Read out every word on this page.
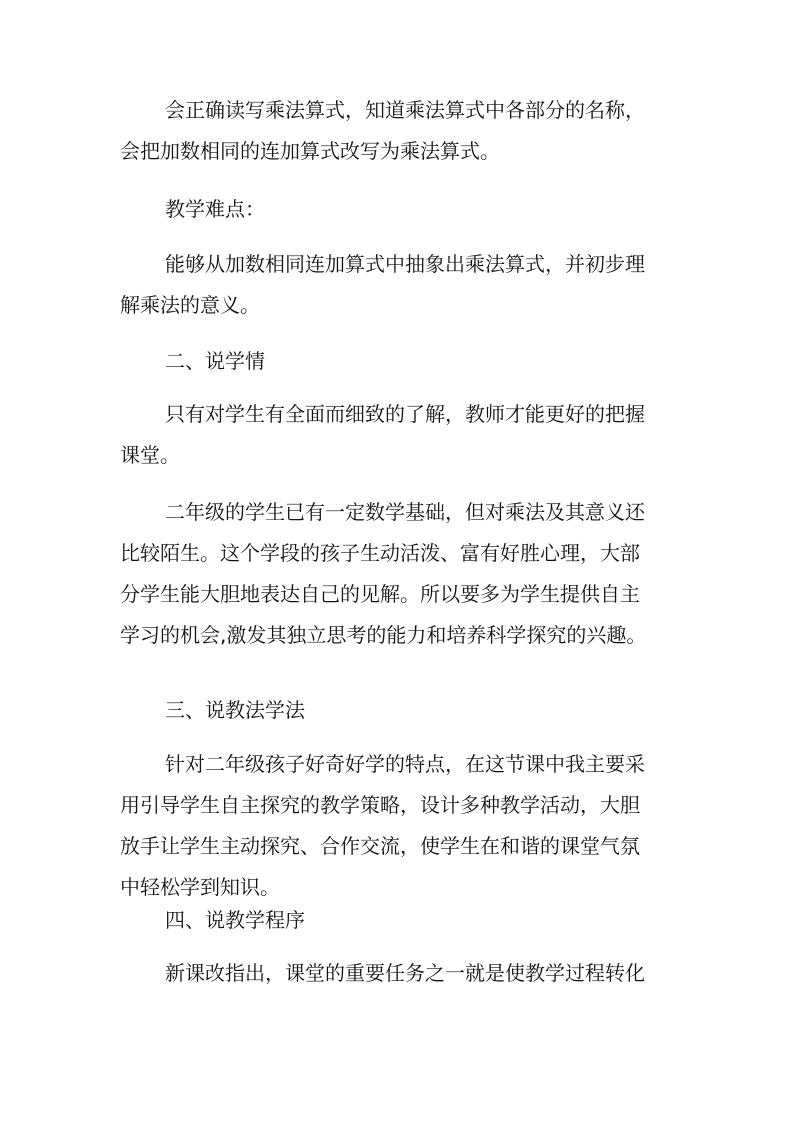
会正确读写乘法算式，知道乘法算式中各部分的名称，
会把加数相同的连加算式改写为乘法算式。
教学难点：
能够从加数相同连加算式中抽象出乘法算式，并初步理
解乘法的意义。
二、说学情
只有对学生有全面而细致的了解，教师才能更好的把握
课堂。
二年级的学生已有一定数学基础，但对乘法及其意义还
比较陌生。这个学段的孩子生动活泼、富有好胜心理，大部
分学生能大胆地表达自己的见解。所以要多为学生提供自主
学习的机会,激发其独立思考的能力和培养科学探究的兴趣。
三、说教法学法
针对二年级孩子好奇好学的特点，在这节课中我主要采
用引导学生自主探究的教学策略，设计多种教学活动，大胆
放手让学生主动探究、合作交流，使学生在和谐的课堂气氛
中轻松学到知识。
四、说教学程序
新课改指出，课堂的重要任务之一就是使教学过程转化
